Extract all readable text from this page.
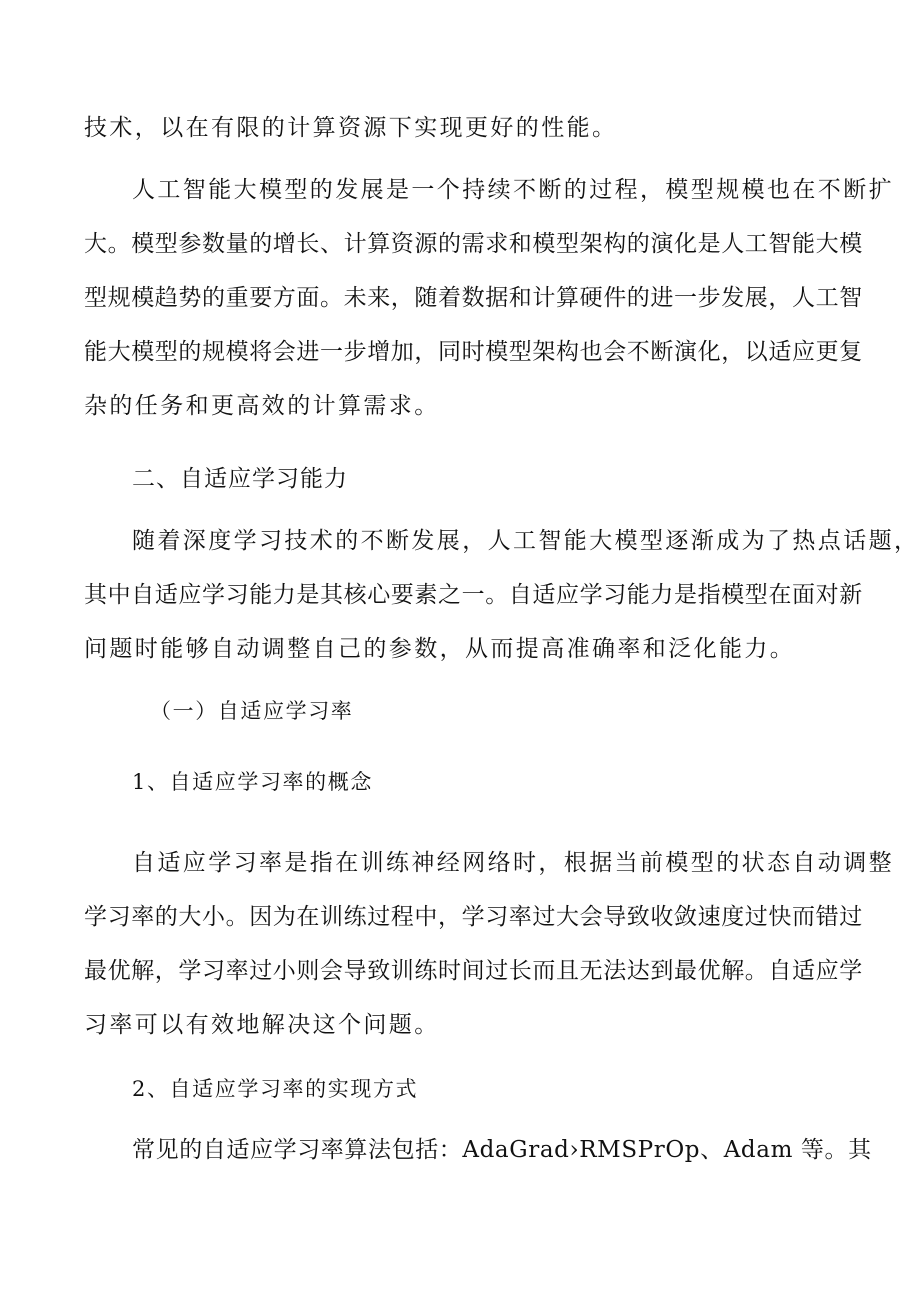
技术，以在有限的计算资源下实现更好的性能。
人工智能大模型的发展是一个持续不断的过程，模型规模也在不断扩
大。模型参数量的增长、计算资源的需求和模型架构的演化是人工智能大模
型规模趋势的重要方面。未来，随着数据和计算硬件的进一步发展，人工智
能大模型的规模将会进一步增加，同时模型架构也会不断演化，以适应更复
杂的任务和更高效的计算需求。
二、自适应学习能力
随着深度学习技术的不断发展，人工智能大模型逐渐成为了热点话题，
其中自适应学习能力是其核心要素之一。自适应学习能力是指模型在面对新
问题时能够自动调整自己的参数，从而提高准确率和泛化能力。
（一）自适应学习率
1、自适应学习率的概念
自适应学习率是指在训练神经网络时，根据当前模型的状态自动调整
学习率的大小。因为在训练过程中，学习率过大会导致收敛速度过快而错过
最优解，学习率过小则会导致训练时间过长而且无法达到最优解。自适应学
习率可以有效地解决这个问题。
2、自适应学习率的实现方式
常见的自适应学习率算法包括：AdaGrad›RMSPrOp、Adam 等。其
